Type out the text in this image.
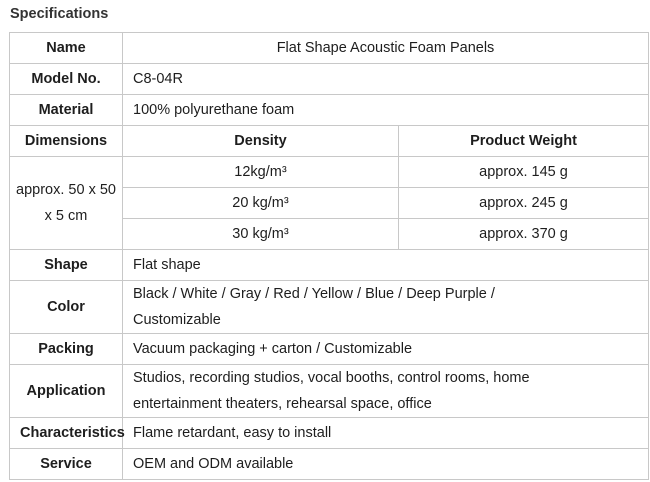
Specifications
Name	Flat Shape Acoustic Foam Panels	
Model No.	C8-04R	
Material	100% polyurethane foam	
Dimensions	Density	Product Weight

approx. 50 x 50
x 5 cm	12kg/m³	approx. 145 g
	20 kg/m³	approx. 245 g
	30 kg/m³	approx. 370 g
Shape	Flat shape	
Color	Black / White / Gray / Red / Yellow / Blue / Deep Purple /
Customizable	

Packing	Vacuum packaging + carton / Customizable	
Application	Studios, recording studios, vocal booths, control rooms, home
entertainment theaters, rehearsal space, office	

Characteristics	Flame retardant, easy to install	
Service	OEM and ODM available	
